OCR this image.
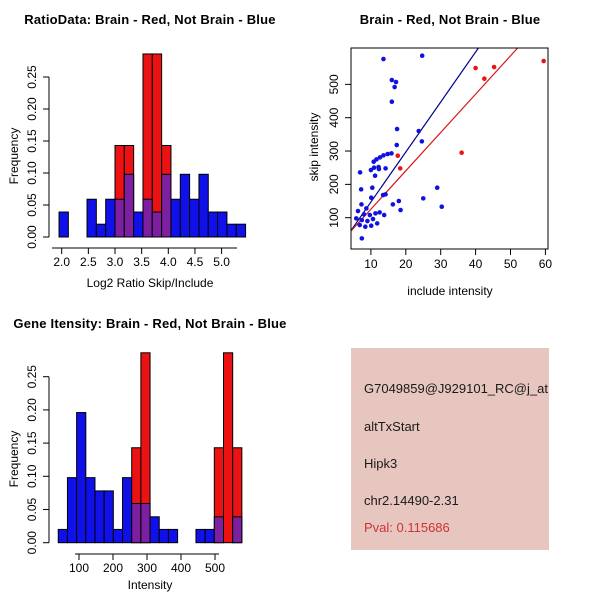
RatioData: Brain - Red, Not Brain - Blue
2.0 2.5 3.0 3.5 4.0 4.5 5.0
0.00
0.05
0.10
0.15
0.20
0.25
Log2 Ratio Skip/Include
Frequency
Brain - Red, Not Brain - Blue
10 20 30 40 50 60
100
200
300
400
500
include intensity
skip intensity
Gene Itensity: Brain - Red, Not Brain - Blue
100 200 300 400 500
0.00
0.05
0.10
0.15
0.20
0.25
Intensity
Frequency
G7049859@J929101_RC@j_at
altTxStart
Hipk3
chr2.14490-2.31
Pval: 0.115686
